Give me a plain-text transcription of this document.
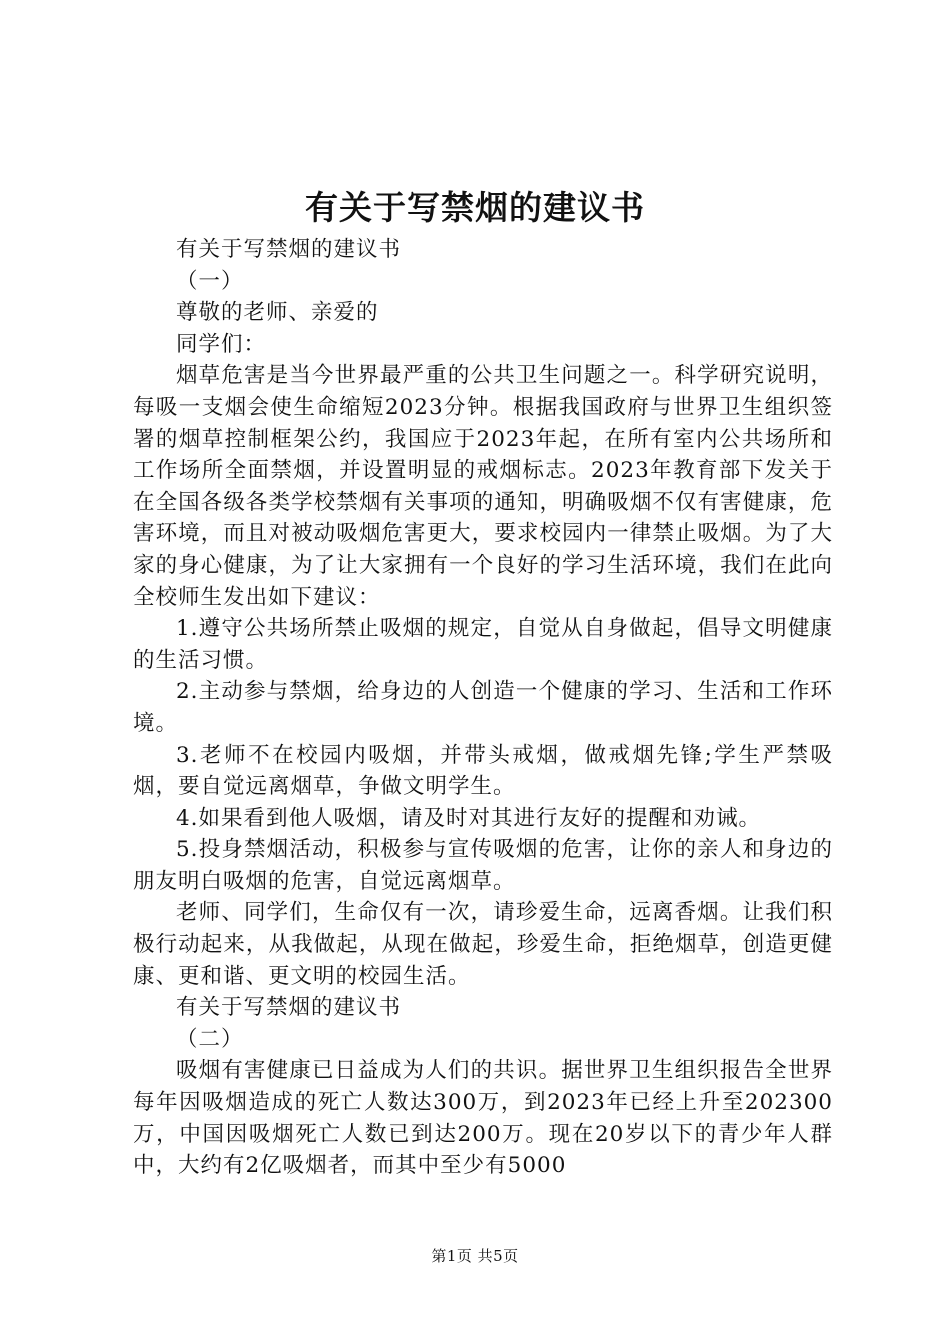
有关于写禁烟的建议书

有关于写禁烟的建议书

（一）

尊敬的老师、亲爱的

同学们：

烟草危害是当今世界最严重的公共卫生问题之一。科学研究说明，每吸一支烟会使生命缩短2023分钟。根据我国政府与世界卫生组织签署的烟草控制框架公约，我国应于2023年起，在所有室内公共场所和工作场所全面禁烟，并设置明显的戒烟标志。2023年教育部下发关于在全国各级各类学校禁烟有关事项的通知，明确吸烟不仅有害健康，危害环境，而且对被动吸烟危害更大，要求校园内一律禁止吸烟。为了大家的身心健康，为了让大家拥有一个良好的学习生活环境，我们在此向全校师生发出如下建议：

1.遵守公共场所禁止吸烟的规定，自觉从自身做起，倡导文明健康的生活习惯。

2.主动参与禁烟，给身边的人创造一个健康的学习、生活和工作环境。

3.老师不在校园内吸烟，并带头戒烟，做戒烟先锋;学生严禁吸烟，要自觉远离烟草，争做文明学生。

4.如果看到他人吸烟，请及时对其进行友好的提醒和劝诫。

5.投身禁烟活动，积极参与宣传吸烟的危害，让你的亲人和身边的朋友明白吸烟的危害，自觉远离烟草。

老师、同学们，生命仅有一次，请珍爱生命，远离香烟。让我们积极行动起来，从我做起，从现在做起，珍爱生命，拒绝烟草，创造更健康、更和谐、更文明的校园生活。

有关于写禁烟的建议书

（二）

吸烟有害健康已日益成为人们的共识。据世界卫生组织报告全世界每年因吸烟造成的死亡人数达300万，到2023年已经上升至202300万，中国因吸烟死亡人数已到达200万。现在20岁以下的青少年人群中，大约有2亿吸烟者，而其中至少有5000

第1页 共5页
